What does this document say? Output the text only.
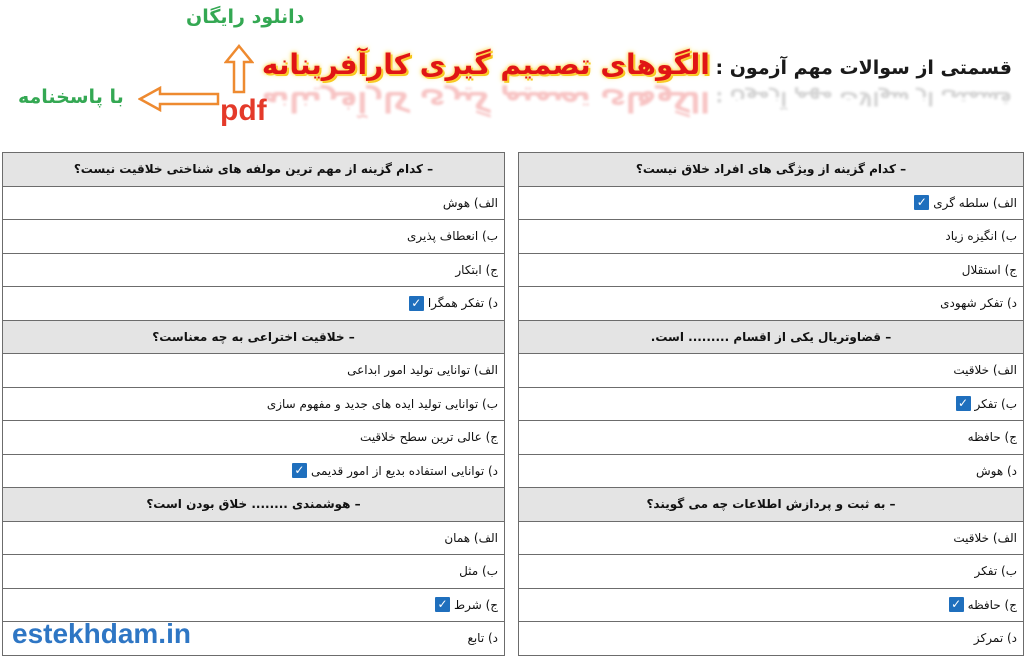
دانلود رایگان
pdf
با پاسخنامه
قسمتی از سوالات مهم آزمون : الگوهای تصمیم گیری کارآفرینانه
قسمتی از سوالات مهم آزمون : الگوهای تصمیم گیری کارآفرینانه
– کدام گزینه از ویژگی های افراد خلاق نیست؟
الف) سلطه گری
✓
ب) انگیزه زیاد
ج) استقلال
د) تفکر شهودی
– قضاوتریال یکی از اقسام ......... است.
الف) خلاقیت
ب) تفکر
✓
ج) حافظه
د) هوش
– به ثبت و پردازش اطلاعات چه می گویند؟
الف) خلاقیت
ب) تفکر
ج) حافظه
✓
د) تمرکز
– کدام گزینه از مهم ترین مولفه های شناختی خلاقیت نیست؟
الف) هوش
ب) انعطاف پذیری
ج) ابتکار
د) تفکر همگرا
✓
– خلاقیت اختراعی به چه معناست؟
الف) توانایی تولید امور ابداعی
ب) توانایی تولید ایده های جدید و مفهوم سازی
ج) عالی ترین سطح خلاقیت
د) توانایی استفاده بدیع از امور قدیمی
✓
– هوشمندی ........ خلاق بودن است؟
الف) همان
ب) مثل
ج) شرط
✓
د) تابع
estekhdam.in
